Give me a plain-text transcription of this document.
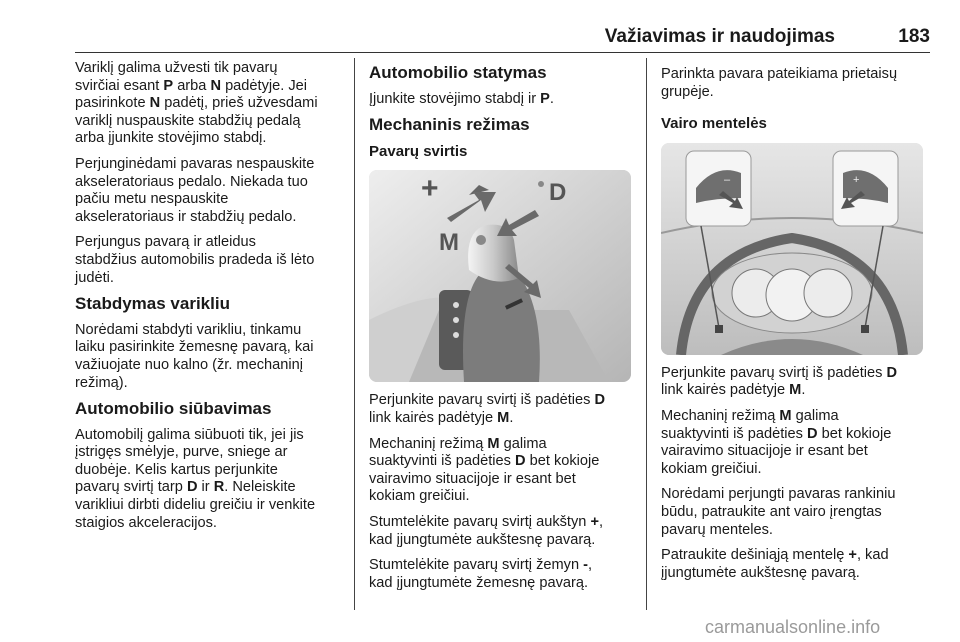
Važiavimas ir naudojimas	183

Variklį galima užvesti tik pavarų
svirčiai esant P arba N padėtyje. Jei
pasirinkote N padėtį, prieš užvesdami
variklį nuspauskite stabdžių pedalą
arba įjunkite stovėjimo stabdį.

Perjunginėdami pavaras nespauskite
akseleratoriaus pedalo. Niekada tuo
pačiu metu nespauskite
akseleratoriaus ir stabdžių pedalo.

Perjungus pavarą ir atleidus
stabdžius automobilis pradeda iš lėto
judėti.

Stabdymas varikliu

Norėdami stabdyti varikliu, tinkamu
laiku pasirinkite žemesnę pavarą, kai
važiuojate nuo kalno (žr. mechaninį
režimą).

Automobilio siūbavimas

Automobilį galima siūbuoti tik, jei jis
įstrigęs smėlyje, purve, sniege ar
duobėje. Kelis kartus perjunkite
pavarų svirtį tarp D ir R. Neleiskite
varikliui dirbti dideliu greičiu ir venkite
staigios akceleracijos.

Automobilio statymas

Įjunkite stovėjimo stabdį ir P.

Mechaninis režimas
Pavarų svirtis
+	D
M

Perjunkite pavarų svirtį iš padėties D
link kairės padėtyje M.

Mechaninį režimą M galima
suaktyvinti iš padėties D bet kokioje
vairavimo situacijoje ir esant bet
kokiam greičiui.

Stumtelėkite pavarų svirtį aukštyn +,
kad įjungtumėte aukštesnę pavarą.

Stumtelėkite pavarų svirtį žemyn -,
kad įjungtumėte žemesnę pavarą.

Parinkta pavara pateikiama prietaisų
grupėje.

Vairo mentelės
–	+

Perjunkite pavarų svirtį iš padėties D
link kairės padėtyje M.

Mechaninį režimą M galima
suaktyvinti iš padėties D bet kokioje
vairavimo situacijoje ir esant bet
kokiam greičiui.

Norėdami perjungti pavaras rankiniu
būdu, patraukite ant vairo įrengtas
pavarų menteles.

Patraukite dešiniąją mentelę +, kad
įjungtumėte aukštesnę pavarą.

carmanualsonline.info
